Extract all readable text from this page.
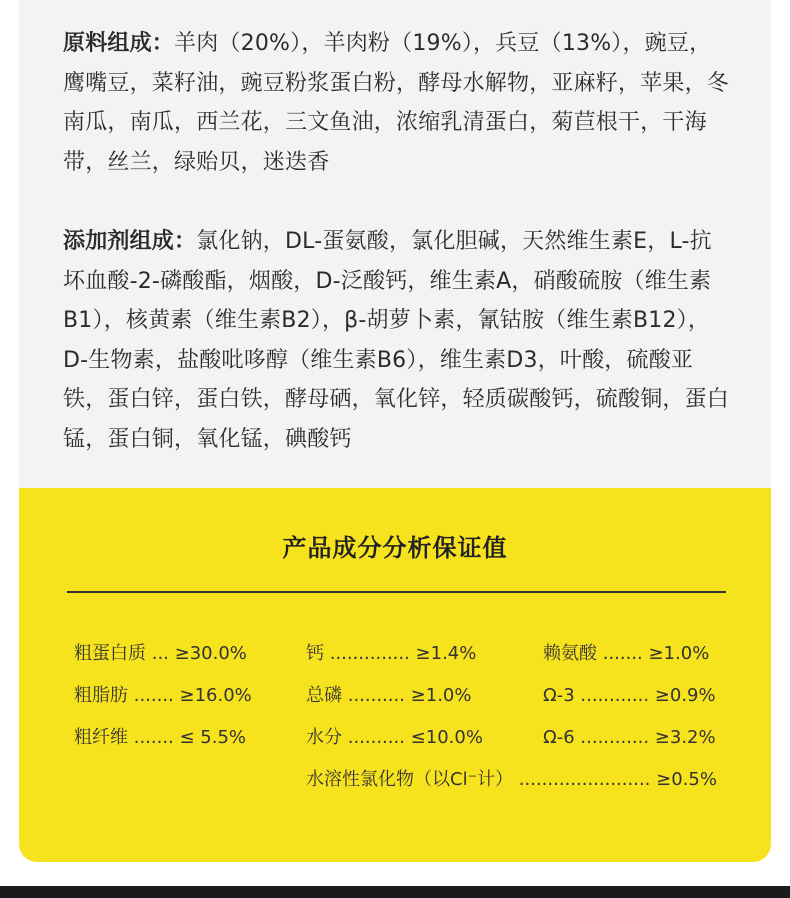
原料组成：羊肉（20%），羊肉粉（19%），兵豆（13%），豌豆，鹰嘴豆，菜籽油，豌豆粉浆蛋白粉，酵母水解物，亚麻籽，苹果，冬南瓜，南瓜，西兰花，三文鱼油，浓缩乳清蛋白，菊苣根干，干海带，丝兰，绿贻贝，迷迭香

添加剂组成：氯化钠，DL-蛋氨酸，氯化胆碱，天然维生素E，L-抗坏血酸-2-磷酸酯，烟酸，D-泛酸钙，维生素A，硝酸硫胺（维生素B1），核黄素（维生素B2），β-胡萝卜素，氰钴胺（维生素B12），D-生物素，盐酸吡哆醇（维生素B6），维生素D3，叶酸，硫酸亚铁，蛋白锌，蛋白铁，酵母硒，氧化锌，轻质碳酸钙，硫酸铜，蛋白锰，蛋白铜，氧化锰，碘酸钙

产品成分分析保证值
粗蛋白质 ... ≥30.0%
粗脂肪 ....... ≥16.0%
粗纤维 ....... ≤ 5.5%
钙 .............. ≥1.4%
总磷 .......... ≥1.0%
水分 .......... ≤10.0%
赖氨酸 ....... ≥1.0%
Ω-3 ............ ≥0.9%
Ω-6 ............ ≥3.2%
水溶性氯化物（以Cl⁻计） ....................... ≥0.5%
